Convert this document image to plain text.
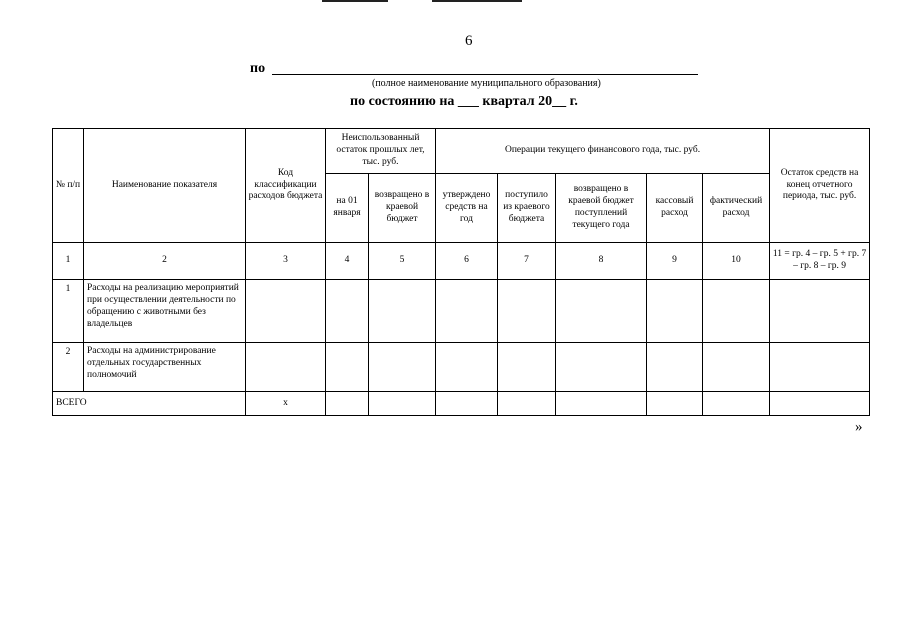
6
по
(полное наименование муниципального образования)
по состоянию на ___ квартал 20__ г.
№ п/п	Наименование показателя	Код классификации расходов бюджета	Неиспользованный остаток прошлых лет, тыс. руб.		Операции текущего финансового года, тыс. руб.					Остаток средств на конец отчетного периода, тыс. руб.
			на 01 января	возвращено в краевой бюджет	утверждено средств на год	поступило из краевого бюджета	возвращено в краевой бюджет поступлений текущего года	кассовый расход	фактический расход	
1	2	3	4	5	6	7	8	9	10	11 = гр. 4 – гр. 5 + гр. 7 – гр. 8 – гр. 9
1	Расходы на реализацию мероприятий при осуществлении деятельности по обращению с животными без владельцев									
2	Расходы на администрирование отдельных государственных полномочий									
ВСЕГО		х								
»
